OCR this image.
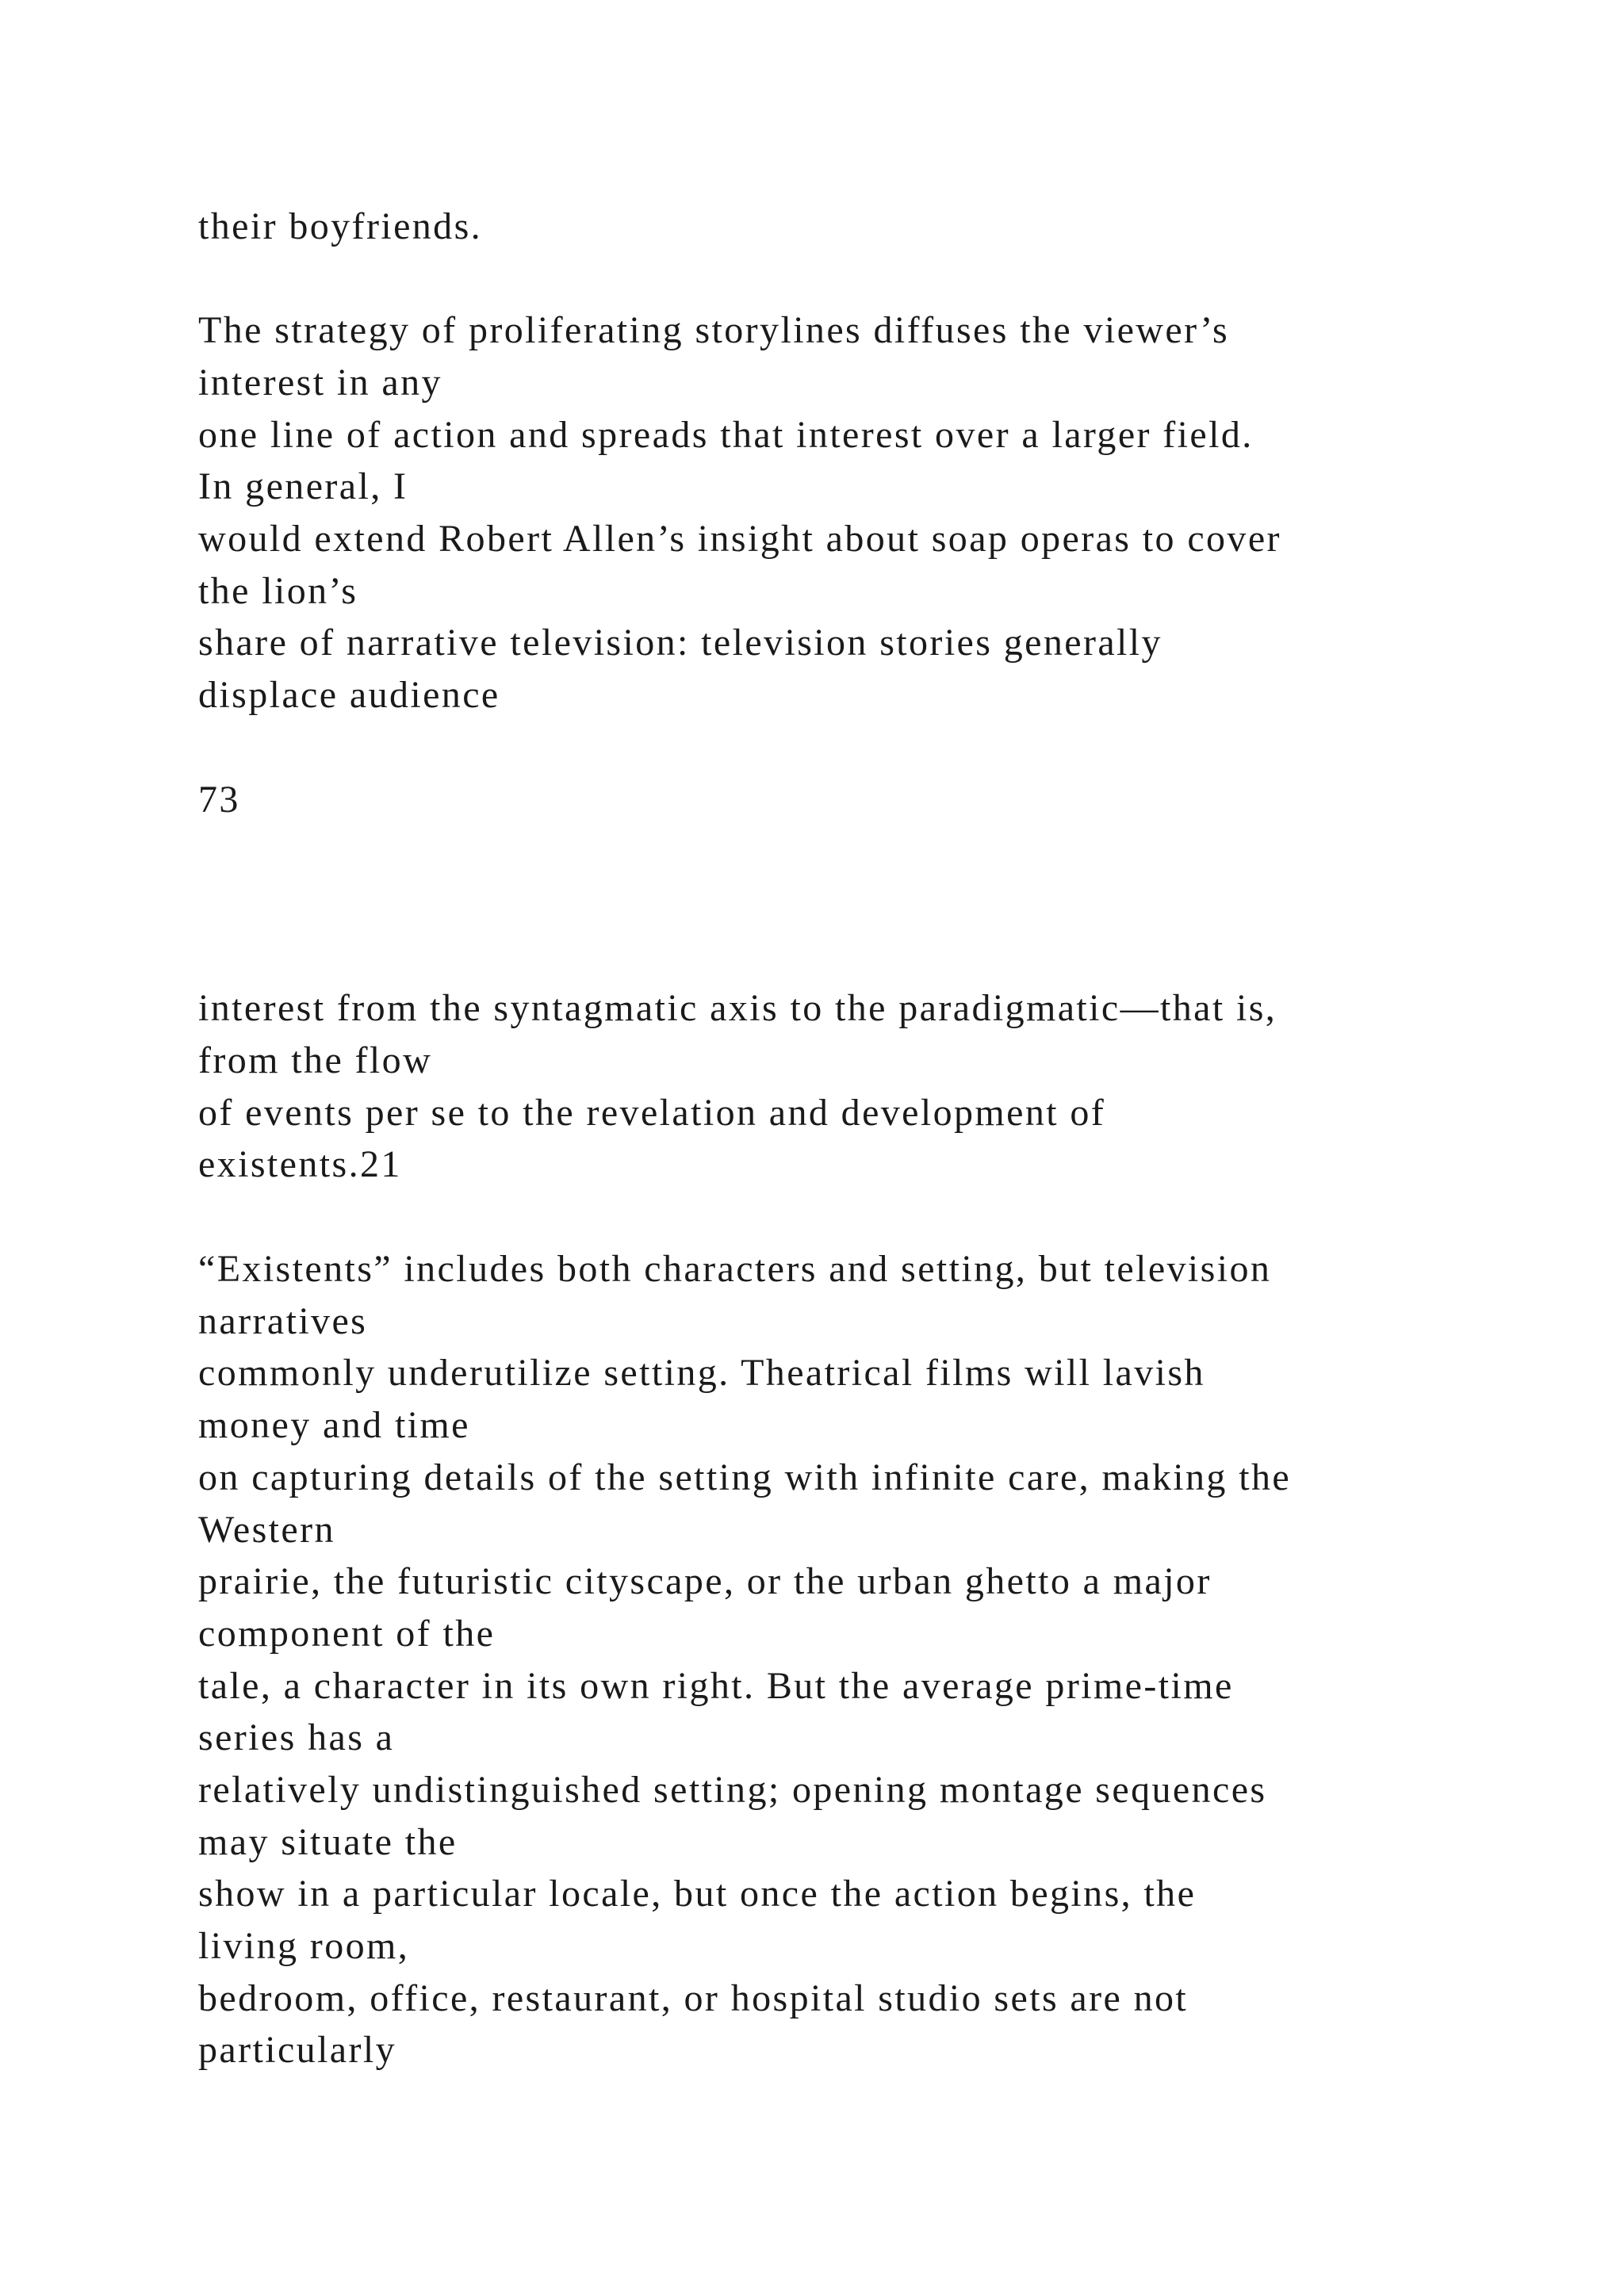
their boyfriends.

The strategy of proliferating storylines diffuses the viewer’s

interest in any

one line of action and spreads that interest over a larger field.

In general, I

would extend Robert Allen’s insight about soap operas to cover

the lion’s

share of narrative television: television stories generally

displace audience

73

interest from the syntagmatic axis to the paradigmatic—that is,

from the flow

of events per se to the revelation and development of

existents.21

“Existents” includes both characters and setting, but television

narratives

commonly underutilize setting. Theatrical films will lavish

money and time

on capturing details of the setting with infinite care, making the

Western

prairie, the futuristic cityscape, or the urban ghetto a major

component of the

tale, a character in its own right. But the average prime-time

series has a

relatively undistinguished setting; opening montage sequences

may situate the

show in a particular locale, but once the action begins, the

living room,

bedroom, office, restaurant, or hospital studio sets are not

particularly
